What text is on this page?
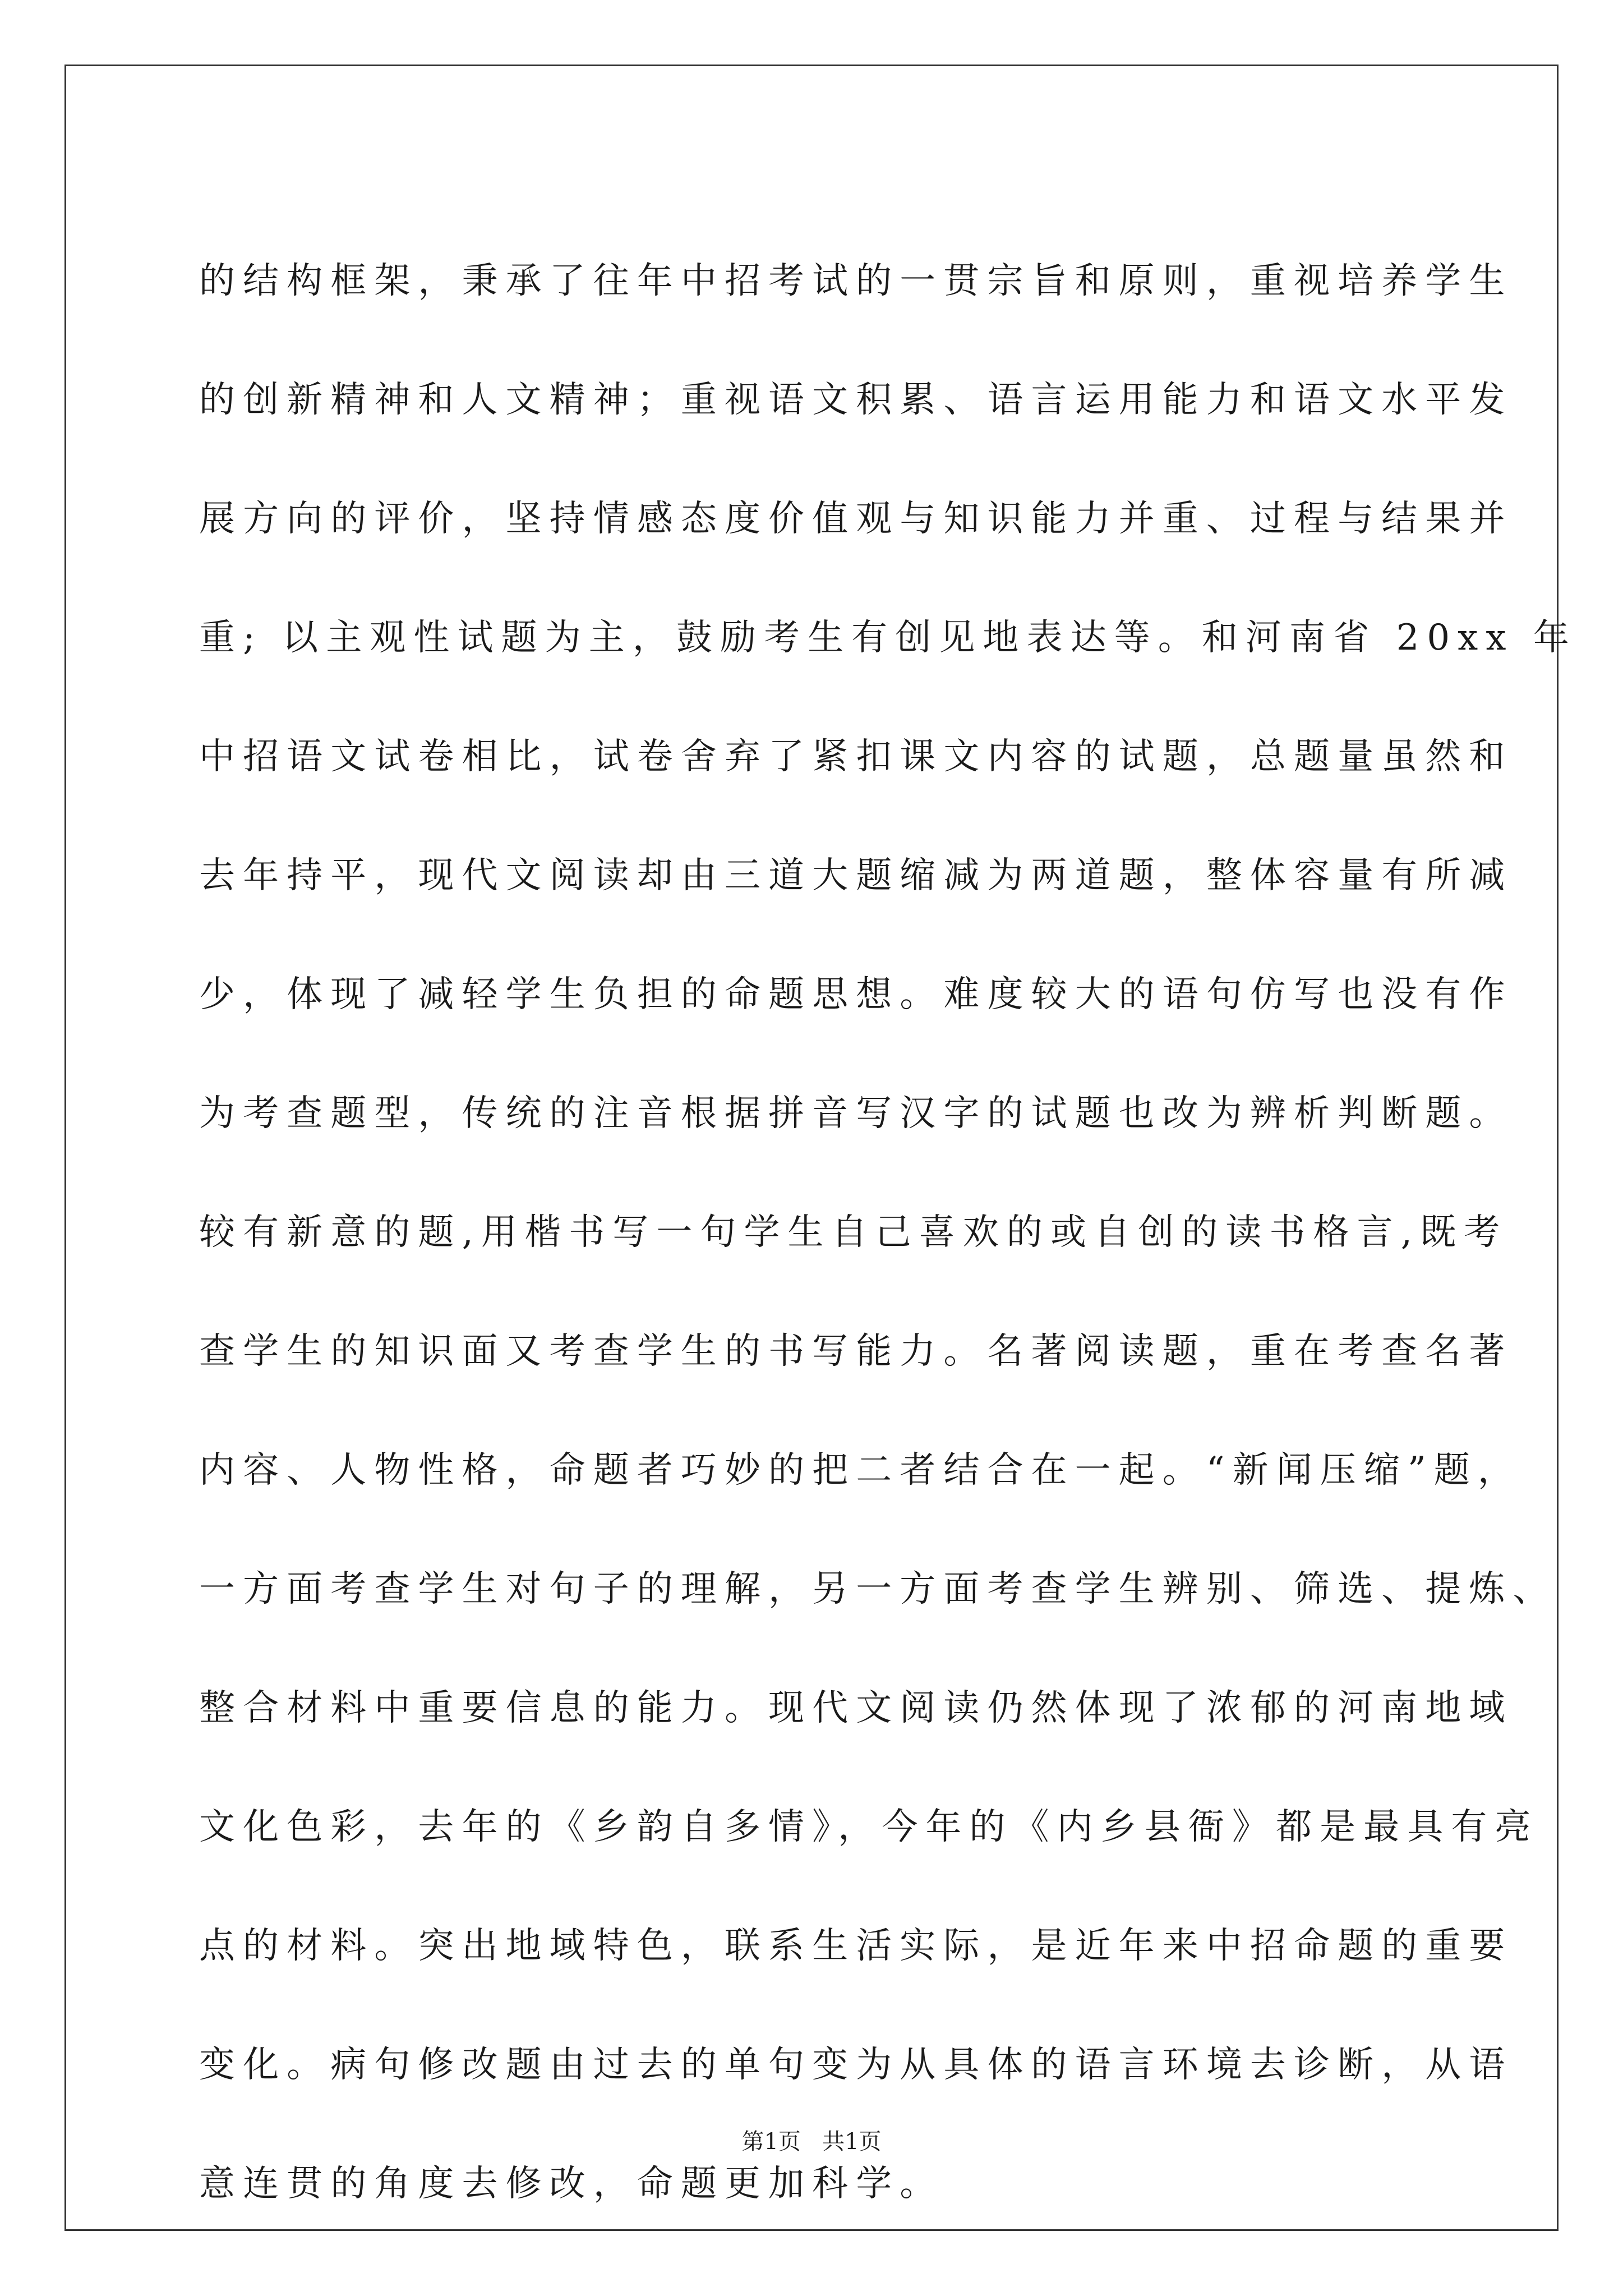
的结构框架，秉承了往年中招考试的一贯宗旨和原则，重视培养学生
的创新精神和人文精神；重视语文积累、语言运用能力和语文水平发
展方向的评价，坚持情感态度价值观与知识能力并重、过程与结果并
重; 以主观性试题为主，鼓励考生有创见地表达等。和河南省 20xx 年
中招语文试卷相比，试卷舍弃了紧扣课文内容的试题，总题量虽然和
去年持平，现代文阅读却由三道大题缩减为两道题，整体容量有所减
少，体现了减轻学生负担的命题思想。难度较大的语句仿写也没有作
为考查题型，传统的注音根据拼音写汉字的试题也改为辨析判断题。
较有新意的题,用楷书写一句学生自己喜欢的或自创的读书格言,既考
查学生的知识面又考查学生的书写能力。名著阅读题，重在考查名著
内容、人物性格，命题者巧妙的把二者结合在一起。“新闻压缩”题，
一方面考查学生对句子的理解，另一方面考查学生辨别、筛选、提炼、
整合材料中重要信息的能力。现代文阅读仍然体现了浓郁的河南地域
文化色彩，去年的《乡韵自多情》，今年的《内乡县衙》都是最具有亮
点的材料。突出地域特色，联系生活实际，是近年来中招命题的重要
变化。病句修改题由过去的单句变为从具体的语言环境去诊断，从语
意连贯的角度去修改，命题更加科学。
第1页 共1页
